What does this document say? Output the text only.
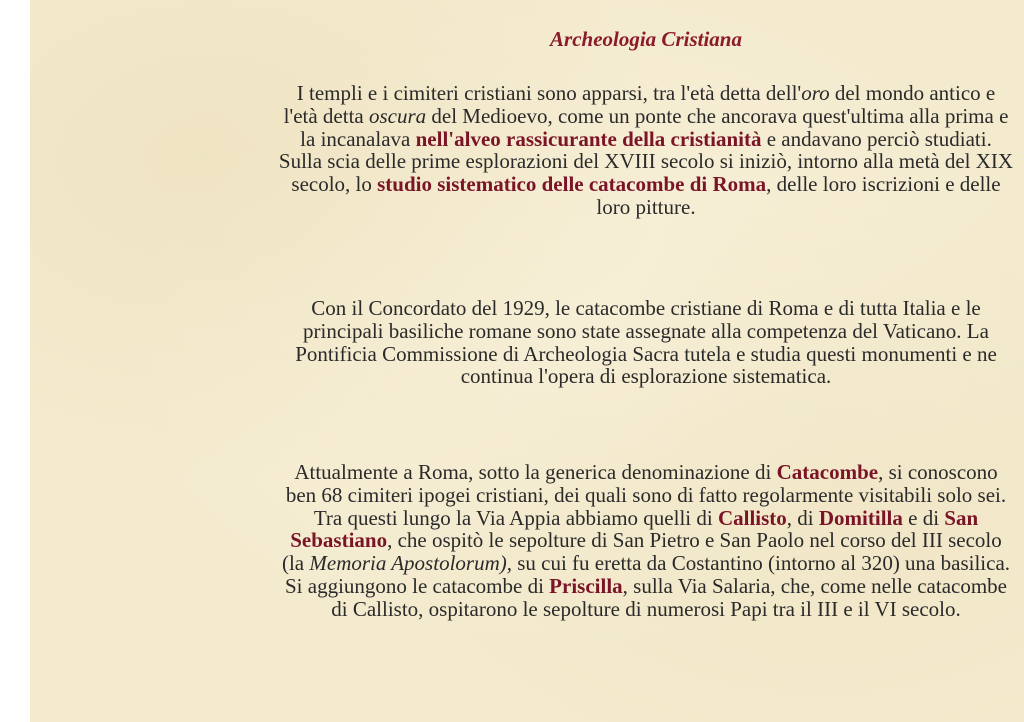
Archeologia Cristiana

I templi e i cimiteri cristiani sono apparsi, tra l'età detta dell'oro del mondo antico e l'età detta oscura del Medioevo, come un ponte che ancorava quest'ultima alla prima e la incanalava nell'alveo rassicurante della cristianità e andavano perciò studiati. Sulla scia delle prime esplorazioni del XVIII secolo si iniziò, intorno alla metà del XIX secolo, lo studio sistematico delle catacombe di Roma, delle loro iscrizioni e delle loro pitture.

Con il Concordato del 1929, le catacombe cristiane di Roma e di tutta Italia e le principali basiliche romane sono state assegnate alla competenza del Vaticano. La Pontificia Commissione di Archeologia Sacra tutela e studia questi monumenti e ne continua l'opera di esplorazione sistematica.

Attualmente a Roma, sotto la generica denominazione di Catacombe, si conoscono ben 68 cimiteri ipogei cristiani, dei quali sono di fatto regolarmente visitabili solo sei. Tra questi lungo la Via Appia abbiamo quelli di Callisto, di Domitilla e di San Sebastiano, che ospitò le sepolture di San Pietro e San Paolo nel corso del III secolo (la Memoria Apostolorum), su cui fu eretta da Costantino (intorno al 320) una basilica. Si aggiungono le catacombe di Priscilla, sulla Via Salaria, che, come nelle catacombe di Callisto, ospitarono le sepolture di numerosi Papi tra il III e il VI secolo.
